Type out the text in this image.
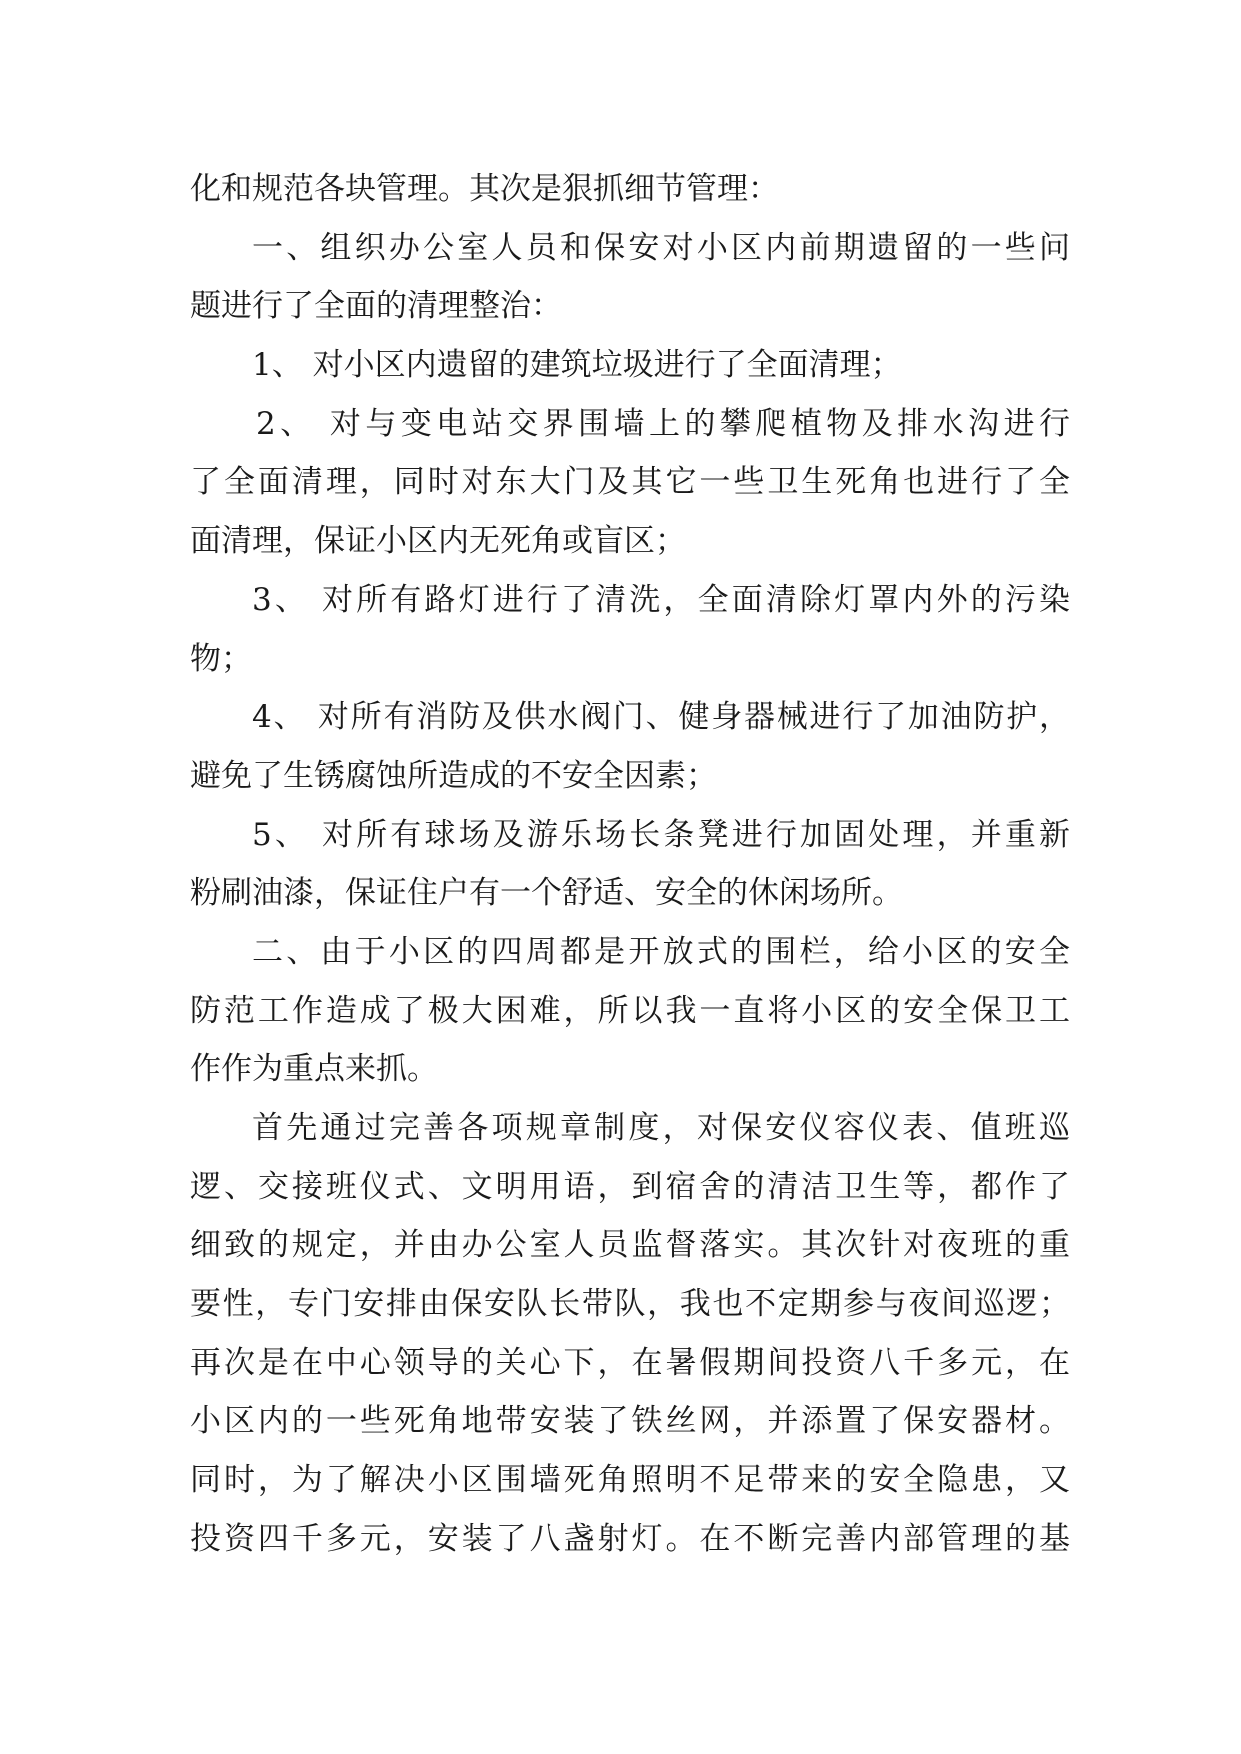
化和规范各块管理。其次是狠抓细节管理：
一、组织办公室人员和保安对小区内前期遗留的一些问
题进行了全面的清理整治：
1、 对小区内遗留的建筑垃圾进行了全面清理；
2、 对与变电站交界围墙上的攀爬植物及排水沟进行
了全面清理，同时对东大门及其它一些卫生死角也进行了全
面清理，保证小区内无死角或盲区；
3、 对所有路灯进行了清洗，全面清除灯罩内外的污染
物；
4、 对所有消防及供水阀门、健身器械进行了加油防护，
避免了生锈腐蚀所造成的不安全因素；
5、 对所有球场及游乐场长条凳进行加固处理，并重新
粉刷油漆，保证住户有一个舒适、安全的休闲场所。
二、由于小区的四周都是开放式的围栏，给小区的安全
防范工作造成了极大困难，所以我一直将小区的安全保卫工
作作为重点来抓。
首先通过完善各项规章制度，对保安仪容仪表、值班巡
逻、交接班仪式、文明用语，到宿舍的清洁卫生等，都作了
细致的规定，并由办公室人员监督落实。其次针对夜班的重
要性，专门安排由保安队长带队，我也不定期参与夜间巡逻；
再次是在中心领导的关心下，在暑假期间投资八千多元，在
小区内的一些死角地带安装了铁丝网，并添置了保安器材。
同时，为了解决小区围墙死角照明不足带来的安全隐患，又
投资四千多元，安装了八盏射灯。在不断完善内部管理的基
